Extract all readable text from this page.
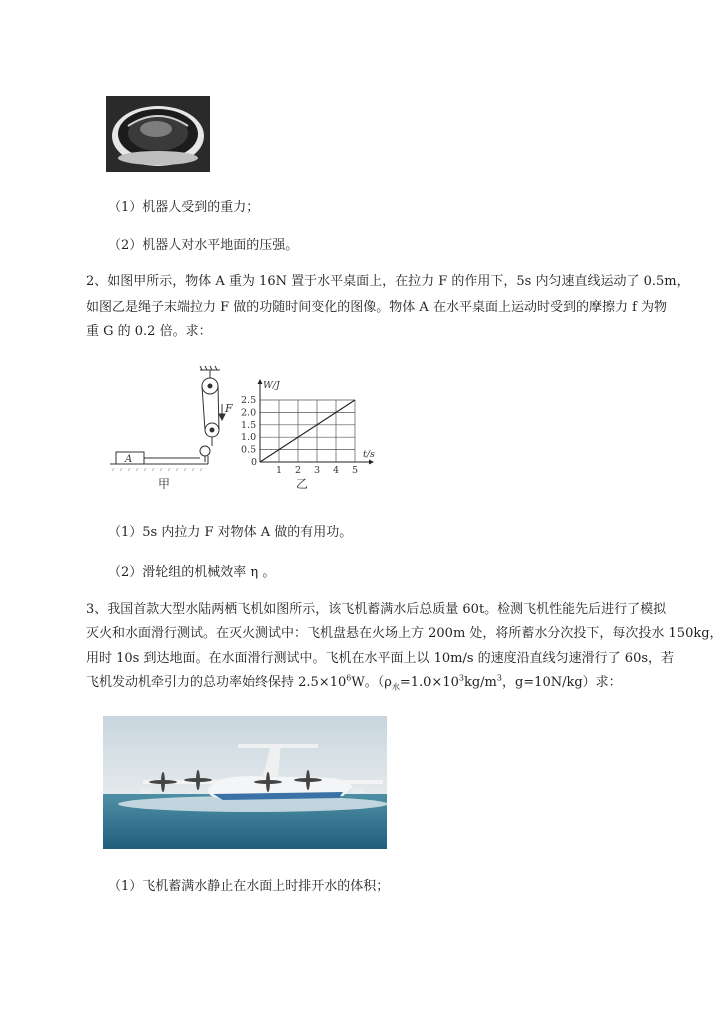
（1）机器人受到的重力；
（2）机器人对水平地面的压强。
2、如图甲所示，物体 A 重为 16N 置于水平桌面上，在拉力 F 的作用下，5s 内匀速直线运动了 0.5m，
如图乙是绳子末端拉力 F 做的功随时间变化的图像。物体 A 在水平桌面上运动时受到的摩擦力 f 为物
重 G 的 0.2 倍。求：
F
A
甲
1 2 3 4 5
0.5
1.0
1.5
2.0
2.5
0
t/s
W/J
乙
（1）5s 内拉力 F 对物体 A 做的有用功。
（2）滑轮组的机械效率 η 。
3、我国首款大型水陆两栖飞机如图所示，该飞机蓄满水后总质量 60t。检测飞机性能先后进行了模拟
灭火和水面滑行测试。在灭火测试中：飞机盘悬在火场上方 200m 处，将所蓄水分次投下，每次投水 150kg，
用时 10s 到达地面。在水面滑行测试中。飞机在水平面上以 10m/s 的速度沿直线匀速滑行了 60s，若
飞机发动机牵引力的总功率始终保持 $2.5\times 10^6W$。（$\rho_水=1.0\times 10^3kg/m^3$，g=10N/kg）求：
（1）飞机蓄满水静止在水面上时排开水的体积；
